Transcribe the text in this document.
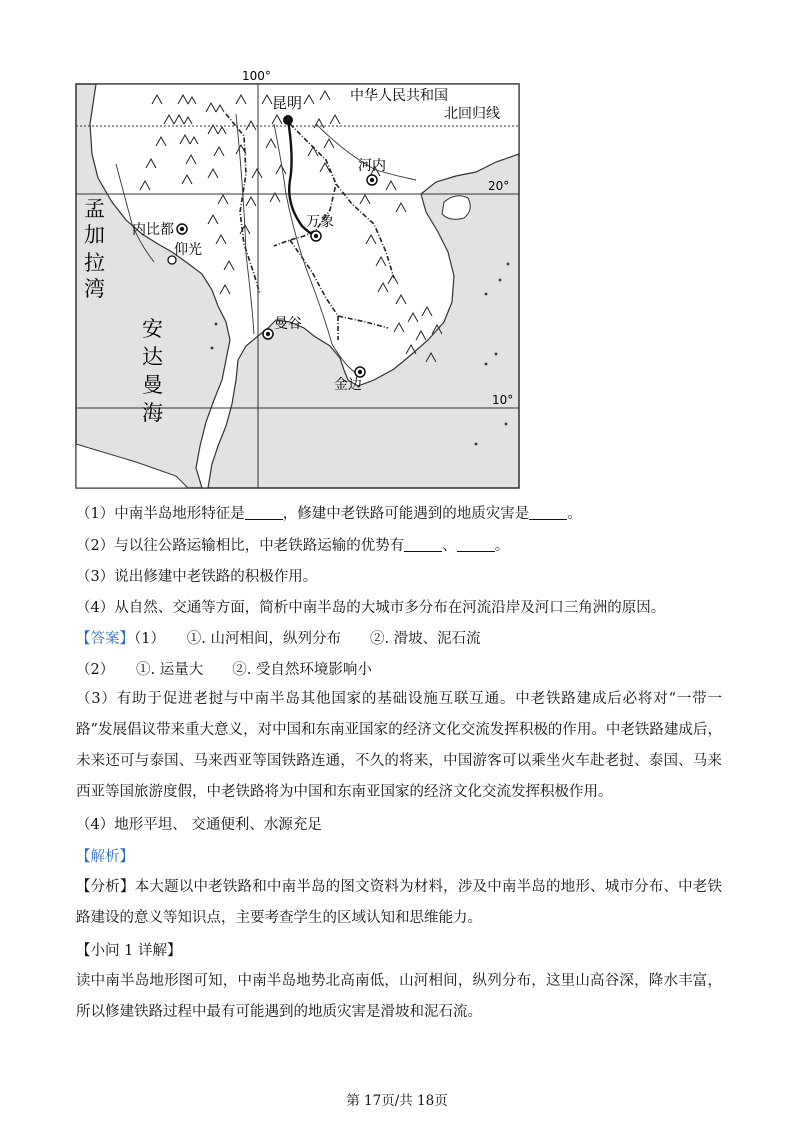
100°
中华人民共和国
北回归线
20°
10°
昆明
河内
万象
内比都
仰光
曼谷
金边
孟
加
拉
湾
安
达
曼
海
（1）中南半岛地形特征是	，修建中老铁路可能遇到的地质灾害是	。
（2）与以往公路运输相比，中老铁路运输的优势有	、	。
（3）说出修建中老铁路的积极作用。
（4）从自然、交通等方面，简析中南半岛的大城市多分布在河流沿岸及河口三角洲的原因。
【答案】（1）　　①. 山河相间，纵列分布　　②. 滑坡、泥石流
（2）　　①. 运量大　　②. 受自然环境影响小
（3）有助于促进老挝与中南半岛其他国家的基础设施互联互通。中老铁路建成后必将对“一带一路”发展倡议带来重大意义，对中国和东南亚国家的经济文化交流发挥积极的作用。中老铁路建成后，未来还可与泰国、马来西亚等国铁路连通，不久的将来，中国游客可以乘坐火车赴老挝、泰国、马来西亚等国旅游度假，中老铁路将为中国和东南亚国家的经济文化交流发挥积极作用。
（4）地形平坦、 交通便利、水源充足
【解析】
【分析】本大题以中老铁路和中南半岛的图文资料为材料，涉及中南半岛的地形、城市分布、中老铁路建设的意义等知识点，主要考查学生的区域认知和思维能力。
【小问 1 详解】
读中南半岛地形图可知，中南半岛地势北高南低，山河相间，纵列分布，这里山高谷深，降水丰富，所以修建铁路过程中最有可能遇到的地质灾害是滑坡和泥石流。
第 17页/共 18页
